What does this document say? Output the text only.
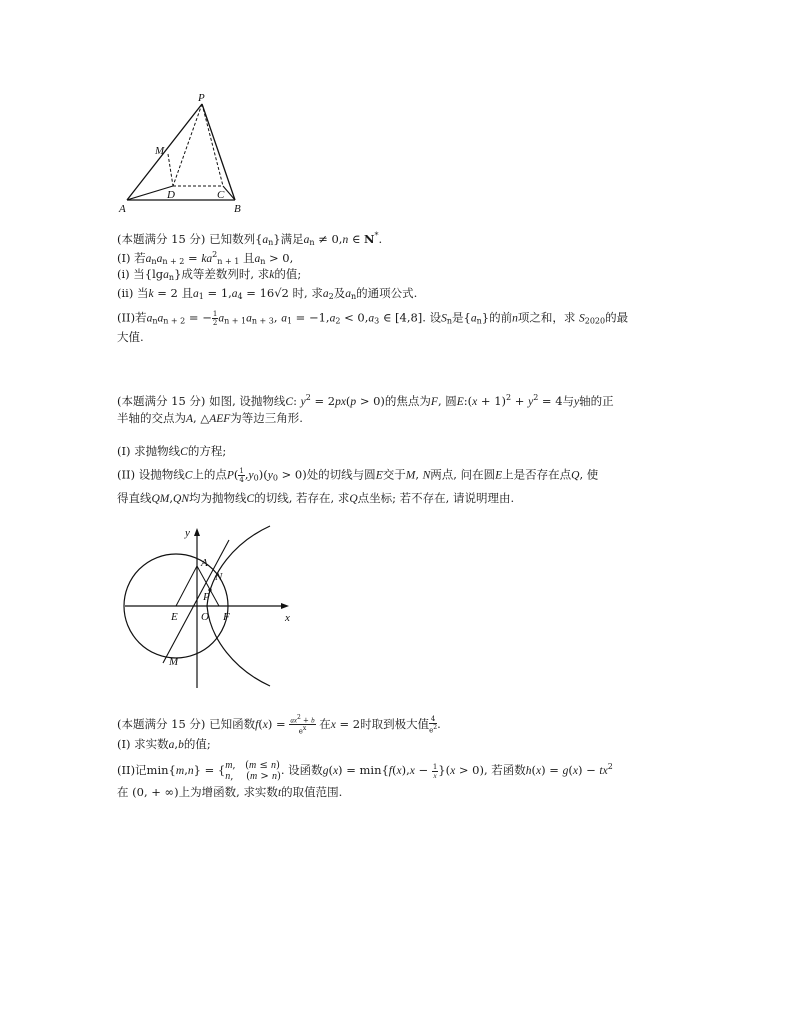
P
M
D	C
A	B
(本题满分 15 分) 已知数列$\{a_n\}$满足$a_n \ne 0,n$ ∈ N*.
(I) 若$a_na_{n + 2} = ka^2_{n + 1}$ 且$a_n > 0$,
(i) 当{lga$_n$}成等差数列时, 求k的值;
(ii) 当k = 2 且$a_1 = 1,a_4 = 16√2$ 时, 求$a_2$及$a_n$的通项公式.
(II)若$a_na_{n + 2}$ = − $\frac{1}{2} a_{n + 1}a_{n + 3}$, $a_1 = -1,a_2 < 0,a_3$ ∈ [4,8]. 设$S_n$是$\{a_n\}$的前n项之和，求 $S_{2020}$的最
大值.
(本题满分 15 分) 如图, 设抛物线C: $y^2 = 2px(p > 0)$的焦点为F, 圆E:(x + $1)^2 + y^2 = 4$与y轴的正
半轴的交点为A, △AEF为等边三角形.
(I) 求抛物线C的方程;
(II) 设抛物线C上的点$P( \frac{1}{4} ,y_0)(y_0 > 0)$处的切线与圆E交于M, N两点, 问在圆E上是否存在点Q, 使
得直线QM,QN均为抛物线C的切线, 若存在, 求Q点坐标; 若不存在, 请说明理由.
y
A
N
P
E O F	x
M
(本题满分 15 分) 已知函数$f(x) = \frac{ax^2 + b}{e^x}$ 在x = 2时取到极大值 $\frac{4}{e^2}$ .
(I) 求实数a,b的值;
(II)记min{m,n} = {m,   (m ≤ n)
n,    (m > n). 设函数$g(x) = \min\{f(x),x - \frac{1}{x} \}(x > 0)$, 若函数$h(x) = g(x) - tx^2$
在 (0, + ∞)上为增函数, 求实数t的取值范围.
